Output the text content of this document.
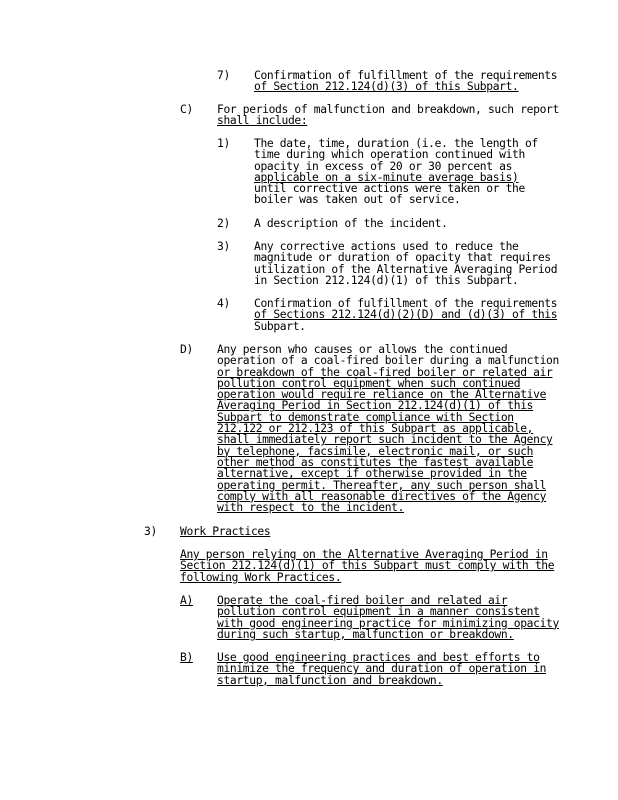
7) Confirmation of fulfillment of the requirements
of Section 212.124(d)(3) of this Subpart.
C) For periods of malfunction and breakdown, such report
shall include:
1) The date, time, duration (i.e. the length of
time during which operation continued with
opacity in excess of 20 or 30 percent as
applicable on a six-minute average basis)
until corrective actions were taken or the
boiler was taken out of service.
2) A description of the incident.
3) Any corrective actions used to reduce the
magnitude or duration of opacity that requires
utilization of the Alternative Averaging Period
in Section 212.124(d)(1) of this Subpart.
4) Confirmation of fulfillment of the requirements
of Sections 212.124(d)(2)(D) and (d)(3) of this
Subpart.
D) Any person who causes or allows the continued
operation of a coal-fired boiler during a malfunction
or breakdown of the coal-fired boiler or related air
pollution control equipment when such continued
operation would require reliance on the Alternative
Averaging Period in Section 212.124(d)(1) of this
Subpart to demonstrate compliance with Section
212.122 or 212.123 of this Subpart as applicable,
shall immediately report such incident to the Agency
by telephone, facsimile, electronic mail, or such
other method as constitutes the fastest available
alternative, except if otherwise provided in the
operating permit. Thereafter, any such person shall
comply with all reasonable directives of the Agency
with respect to the incident.
3) Work Practices
Any person relying on the Alternative Averaging Period in
Section 212.124(d)(1) of this Subpart must comply with the
following Work Practices.
A) Operate the coal-fired boiler and related air
pollution control equipment in a manner consistent
with good engineering practice for minimizing opacity
during such startup, malfunction or breakdown.
B) Use good engineering practices and best efforts to
minimize the frequency and duration of operation in
startup, malfunction and breakdown.
